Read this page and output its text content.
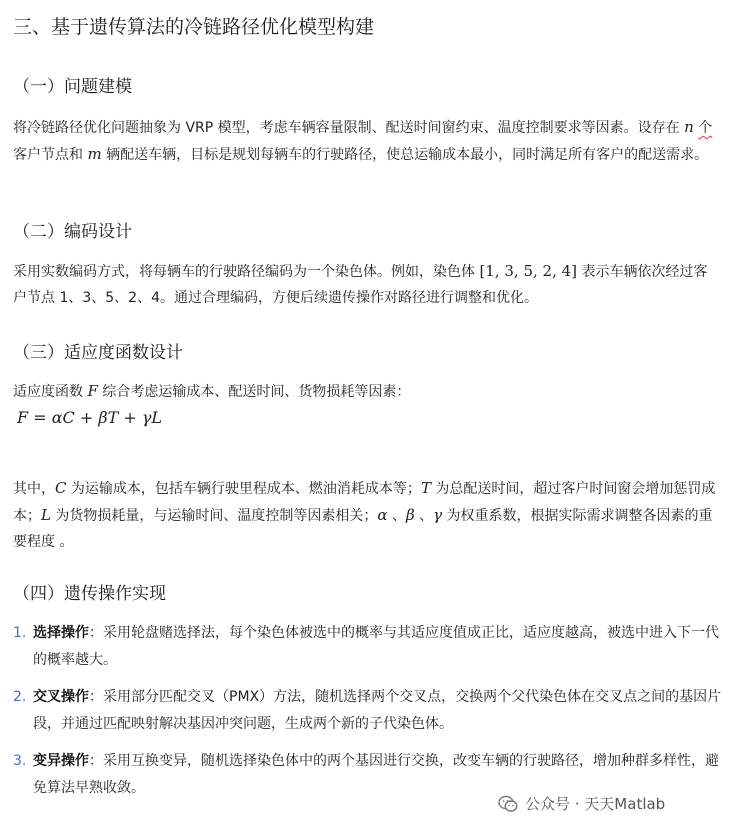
三、基于遗传算法的冷链路径优化模型构建
（一）问题建模

将冷链路径优化问题抽象为 VRP 模型，考虑车辆容量限制、配送时间窗约束、温度控制要求等因素。设存在 n 个客户节点和 m 辆配送车辆，目标是规划每辆车的行驶路径，使总运输成本最小，同时满足所有客户的配送需求。

（二）编码设计

采用实数编码方式，将每辆车的行驶路径编码为一个染色体。例如，染色体 [1, 3, 5, 2, 4] 表示车辆依次经过客户节点 1、3、5、2、4。通过合理编码，方便后续遗传操作对路径进行调整和优化。

（三）适应度函数设计

适应度函数 F 综合考虑运输成本、配送时间、货物损耗等因素：

F = αC + βT + γL

其中，C 为运输成本，包括车辆行驶里程成本、燃油消耗成本等；T 为总配送时间，超过客户时间窗会增加惩罚成本；L 为货物损耗量，与运输时间、温度控制等因素相关；α 、β 、γ 为权重系数，根据实际需求调整各因素的重要程度 。

（四）遗传操作实现
1. 选择操作：采用轮盘赌选择法，每个染色体被选中的概率与其适应度值成正比，适应度越高，被选中进入下一代的概率越大。
2. 交叉操作：采用部分匹配交叉（PMX）方法，随机选择两个交叉点，交换两个父代染色体在交叉点之间的基因片段，并通过匹配映射解决基因冲突问题，生成两个新的子代染色体。
3. 变异操作：采用互换变异，随机选择染色体中的两个基因进行交换，改变车辆的行驶路径，增加种群多样性，避免算法早熟收敛。
公众号 · 天天Matlab
